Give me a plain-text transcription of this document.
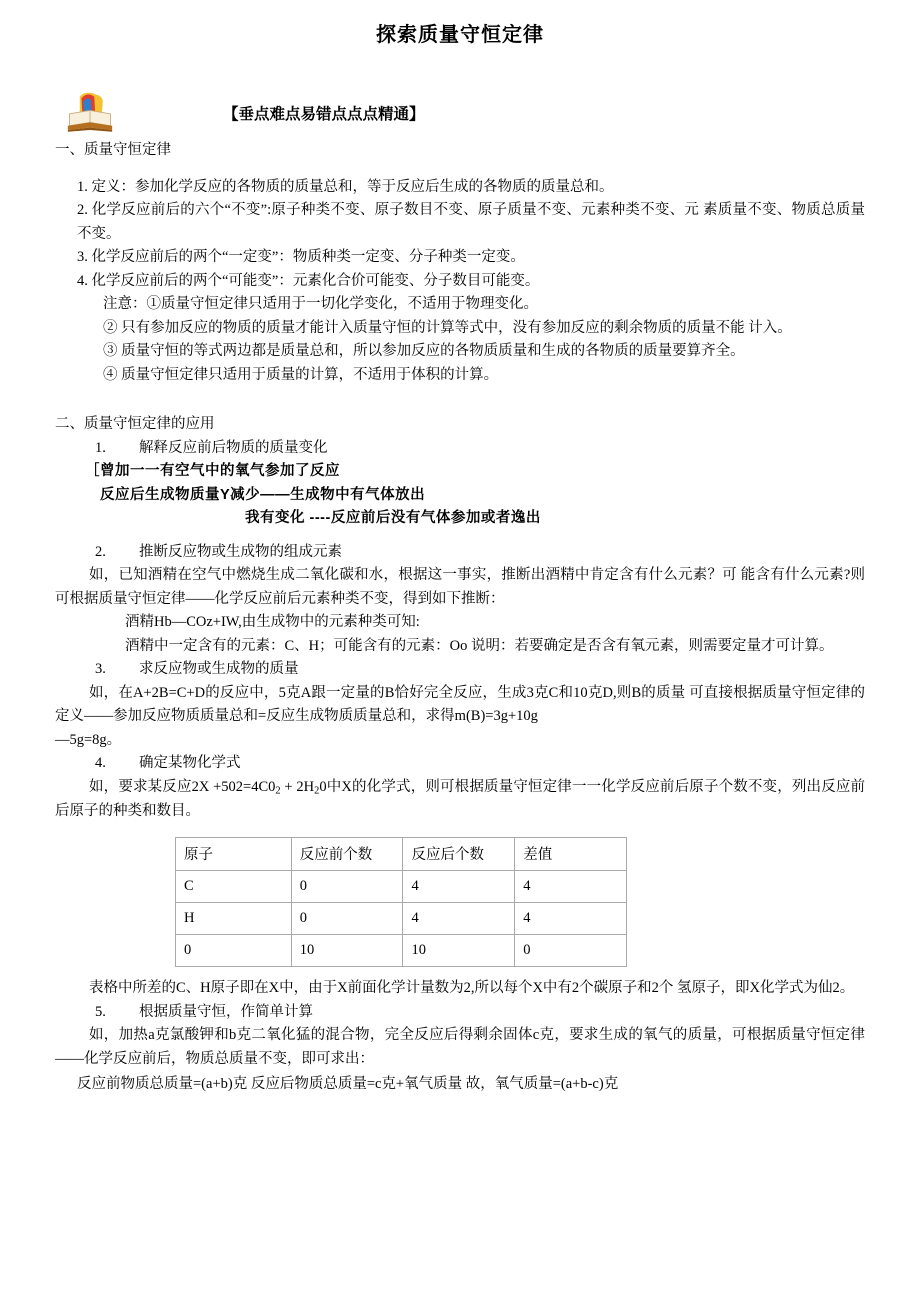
探索质量守恒定律
【垂点难点易错点点点精通】
一、质量守恒定律

1. 定义：参加化学反应的各物质的质量总和，等于反应后生成的各物质的质量总和。

2. 化学反应前后的六个“不变”:原子种类不变、原子数目不变、原子质量不变、元素种类不变、元 素质量不变、物质总质量不变。

3. 化学反应前后的两个“一定变”：物质种类一定变、分子种类一定变。

4. 化学反应前后的两个“可能变”：元素化合价可能变、分子数目可能变。

注意：①质量守恒定律只适用于一切化学变化，不适用于物理变化。

② 只有参加反应的物质的质量才能计入质量守恒的计算等式中，没有参加反应的剩余物质的质量不能 计入。

③ 质量守恒的等式两边都是质量总和，所以参加反应的各物质质量和生成的各物质的质量要算齐全。

④ 质量守恒定律只适用于质量的计算，不适用于体积的计算。

二、质量守恒定律的应用

1. 解释反应前后物质的质量变化

［曾加一一有空气中的氧气参加了反应

反应后生成物质量Y减少——生成物中有气体放出

我有变化 ----反应前后没有气体参加或者逸出

2. 推断反应物或生成物的组成元素

如，已知酒精在空气中燃烧生成二氧化碳和水，根据这一事实，推断出酒精中肯定含有什么元素？可 能含有什么元素?则可根据质量守恒定律——化学反应前后元素种类不变，得到如下推断：

酒精Hb—COz+IW,由生成物中的元素种类可知:

酒精中一定含有的元素：C、H；可能含有的元素：Oo 说明：若要确定是否含有氧元素，则需要定量才可计算。

3. 求反应物或生成物的质量

如，在A+2B=C+D的反应中，5克A跟一定量的B恰好完全反应，生成3克C和10克D,则B的质量 可直接根据质量守恒定律的定义——参加反应物质质量总和=反应生成物质质量总和，求得m(B)=3g+10g

—5g=8g。

4. 确定某物化学式

如，要求某反应$2X +502=4C0_2 + 2H_20$中X的化学式，则可根据质量守恒定律一一化学反应前后原子个数不变，列出反应前后原子的种类和数目。

原子	反应前个数	反应后个数	差值
C	0	4	4
H	0	4	4
0	10	10	0

表格中所差的C、H原子即在X中，由于X前面化学计量数为2,所以每个X中有2个碳原子和2个 氢原子，即X化学式为仙2。

5. 根据质量守恒，作简单计算

如，加热a克氯酸钾和b克二氧化猛的混合物，完全反应后得剩余固体c克，要求生成的氧气的质量，可根据质量守恒定律——化学反应前后，物质总质量不变，即可求出：

反应前物质总质量=(a+b)克 反应后物质总质量=c克+氧气质量 故，氧气质量=(a+b-c)克
